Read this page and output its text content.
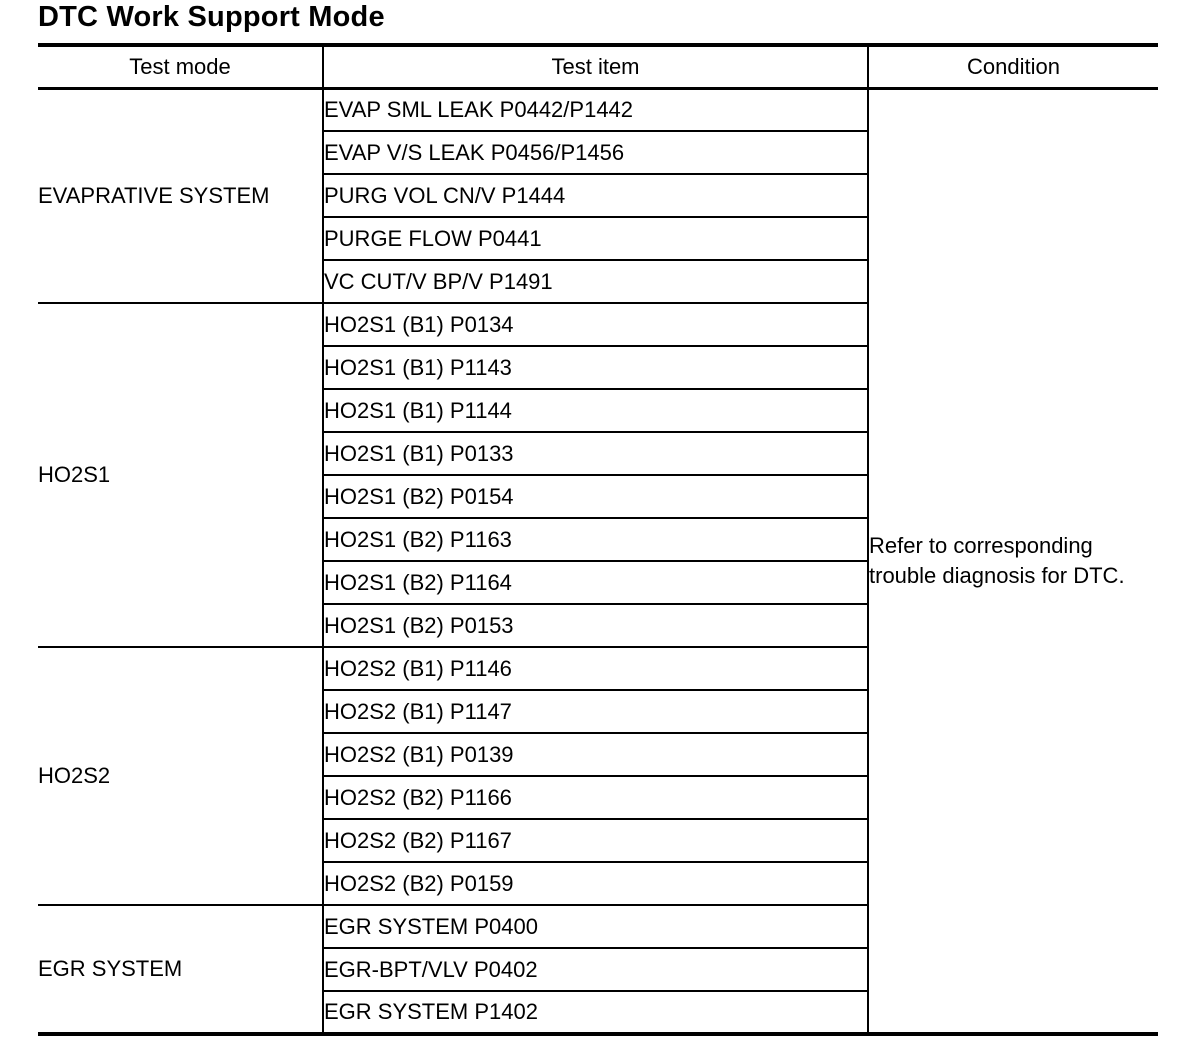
DTC Work Support Mode
Test mode	Test item	Condition
EVAPRATIVE SYSTEM	EVAP SML LEAK P0442/P1442	Refer to corresponding
trouble diagnosis for DTC.
	EVAP V/S LEAK P0456/P1456	
	PURG VOL CN/V P1444	
	PURGE FLOW P0441	
	VC CUT/V BP/V P1491	
HO2S1	HO2S1 (B1) P0134	
	HO2S1 (B1) P1143	
	HO2S1 (B1) P1144	
	HO2S1 (B1) P0133	
	HO2S1 (B2) P0154	
	HO2S1 (B2) P1163	
	HO2S1 (B2) P1164	
	HO2S1 (B2) P0153	
HO2S2	HO2S2 (B1) P1146	
	HO2S2 (B1) P1147	
	HO2S2 (B1) P0139	
	HO2S2 (B2) P1166	
	HO2S2 (B2) P1167	
	HO2S2 (B2) P0159	
EGR SYSTEM	EGR SYSTEM P0400	
	EGR-BPT/VLV P0402	
	EGR SYSTEM P1402	
